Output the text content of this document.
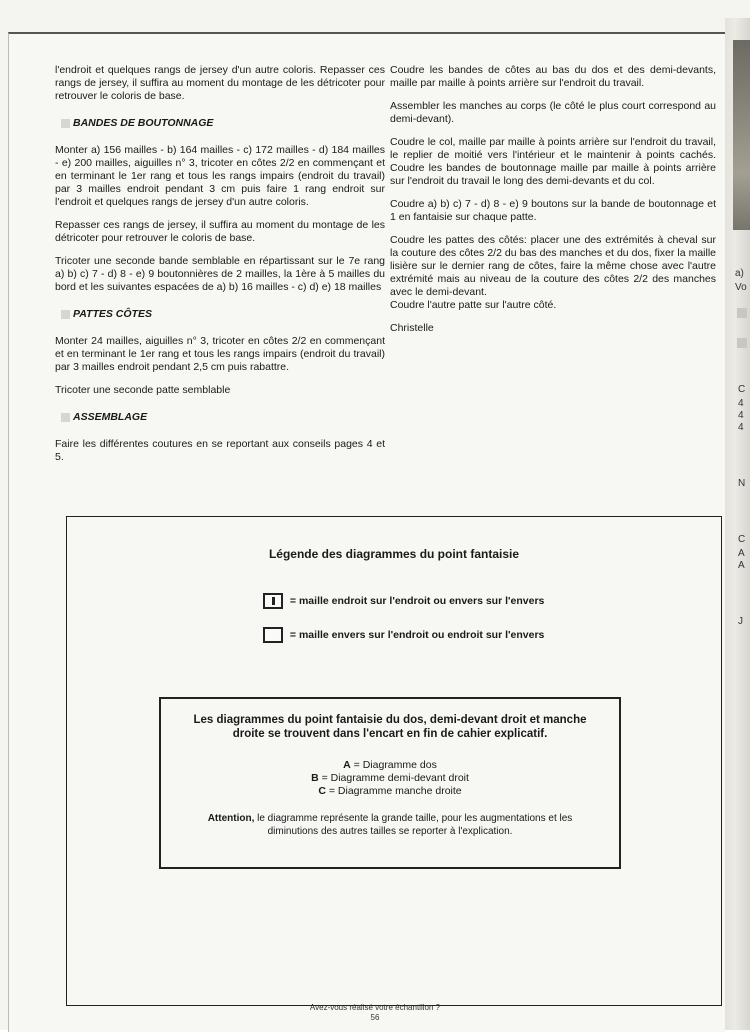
a)
Vo
C
4
4
4
N
C
A
A
J

l'endroit et quelques rangs de jersey d'un autre coloris. Repasser ces rangs de jersey, il suffira au moment du montage de les détricoter pour retrouver le coloris de base.

BANDES DE BOUTONNAGE

Monter a) 156 mailles - b) 164 mailles - c) 172 mailles - d) 184 mailles - e) 200 mailles, aiguilles n° 3, tricoter en côtes 2/2 en commençant et en terminant le 1er rang et tous les rangs impairs (endroit du travail) par 3 mailles endroit pendant 3 cm puis faire 1 rang endroit sur l'endroit et quelques rangs de jersey d'un autre coloris.

Repasser ces rangs de jersey, il suffira au moment du montage de les détricoter pour retrouver le coloris de base.

Tricoter une seconde bande semblable en répartissant sur le 7e rang a) b) c) 7 - d) 8 - e) 9 boutonnières de 2 mailles, la 1ère à 5 mailles du bord et les suivantes espacées de a) b) 16 mailles - c) d) e) 18 mailles

PATTES CÔTES

Monter 24 mailles, aiguilles n° 3, tricoter en côtes 2/2 en commençant et en terminant le 1er rang et tous les rangs impairs (endroit du travail) par 3 mailles endroit pendant 2,5 cm puis rabattre.

Tricoter une seconde patte semblable

ASSEMBLAGE

Faire les différentes coutures en se reportant aux conseils pages 4 et 5.

Coudre les bandes de côtes au bas du dos et des demi-devants, maille par maille à points arrière sur l'endroit du travail.

Assembler les manches au corps (le côté le plus court correspond au demi-devant).

Coudre le col, maille par maille à points arrière sur l'endroit du travail, le replier de moitié vers l'intérieur et le maintenir à points cachés. Coudre les bandes de boutonnage maille par maille à points arrière sur l'endroit du travail le long des demi-devants et du col.

Coudre a) b) c) 7 - d) 8 - e) 9 boutons sur la bande de boutonnage et 1 en fantaisie sur chaque patte.

Coudre les pattes des côtés: placer une des extrémités à cheval sur la couture des côtes 2/2 du bas des manches et du dos, fixer la maille lisière sur le dernier rang de côtes, faire la même chose avec l'autre extrémité mais au niveau de la couture des côtes 2/2 des manches avec le demi-devant.

Coudre l'autre patte sur l'autre côté.

Christelle

Légende des diagrammes du point fantaisie
= maille endroit sur l'endroit ou envers sur l'envers
= maille envers sur l'endroit ou endroit sur l'envers
Les diagrammes du point fantaisie du dos, demi-devant droit et manche droite se trouvent dans l'encart en fin de cahier explicatif.
A = Diagramme dos
B = Diagramme demi-devant droit
C = Diagramme manche droite
Attention, le diagramme représente la grande taille, pour les augmentations et les diminutions des autres tailles se reporter à l'explication.
Avez-vous réalisé votre échantillon ?
56
